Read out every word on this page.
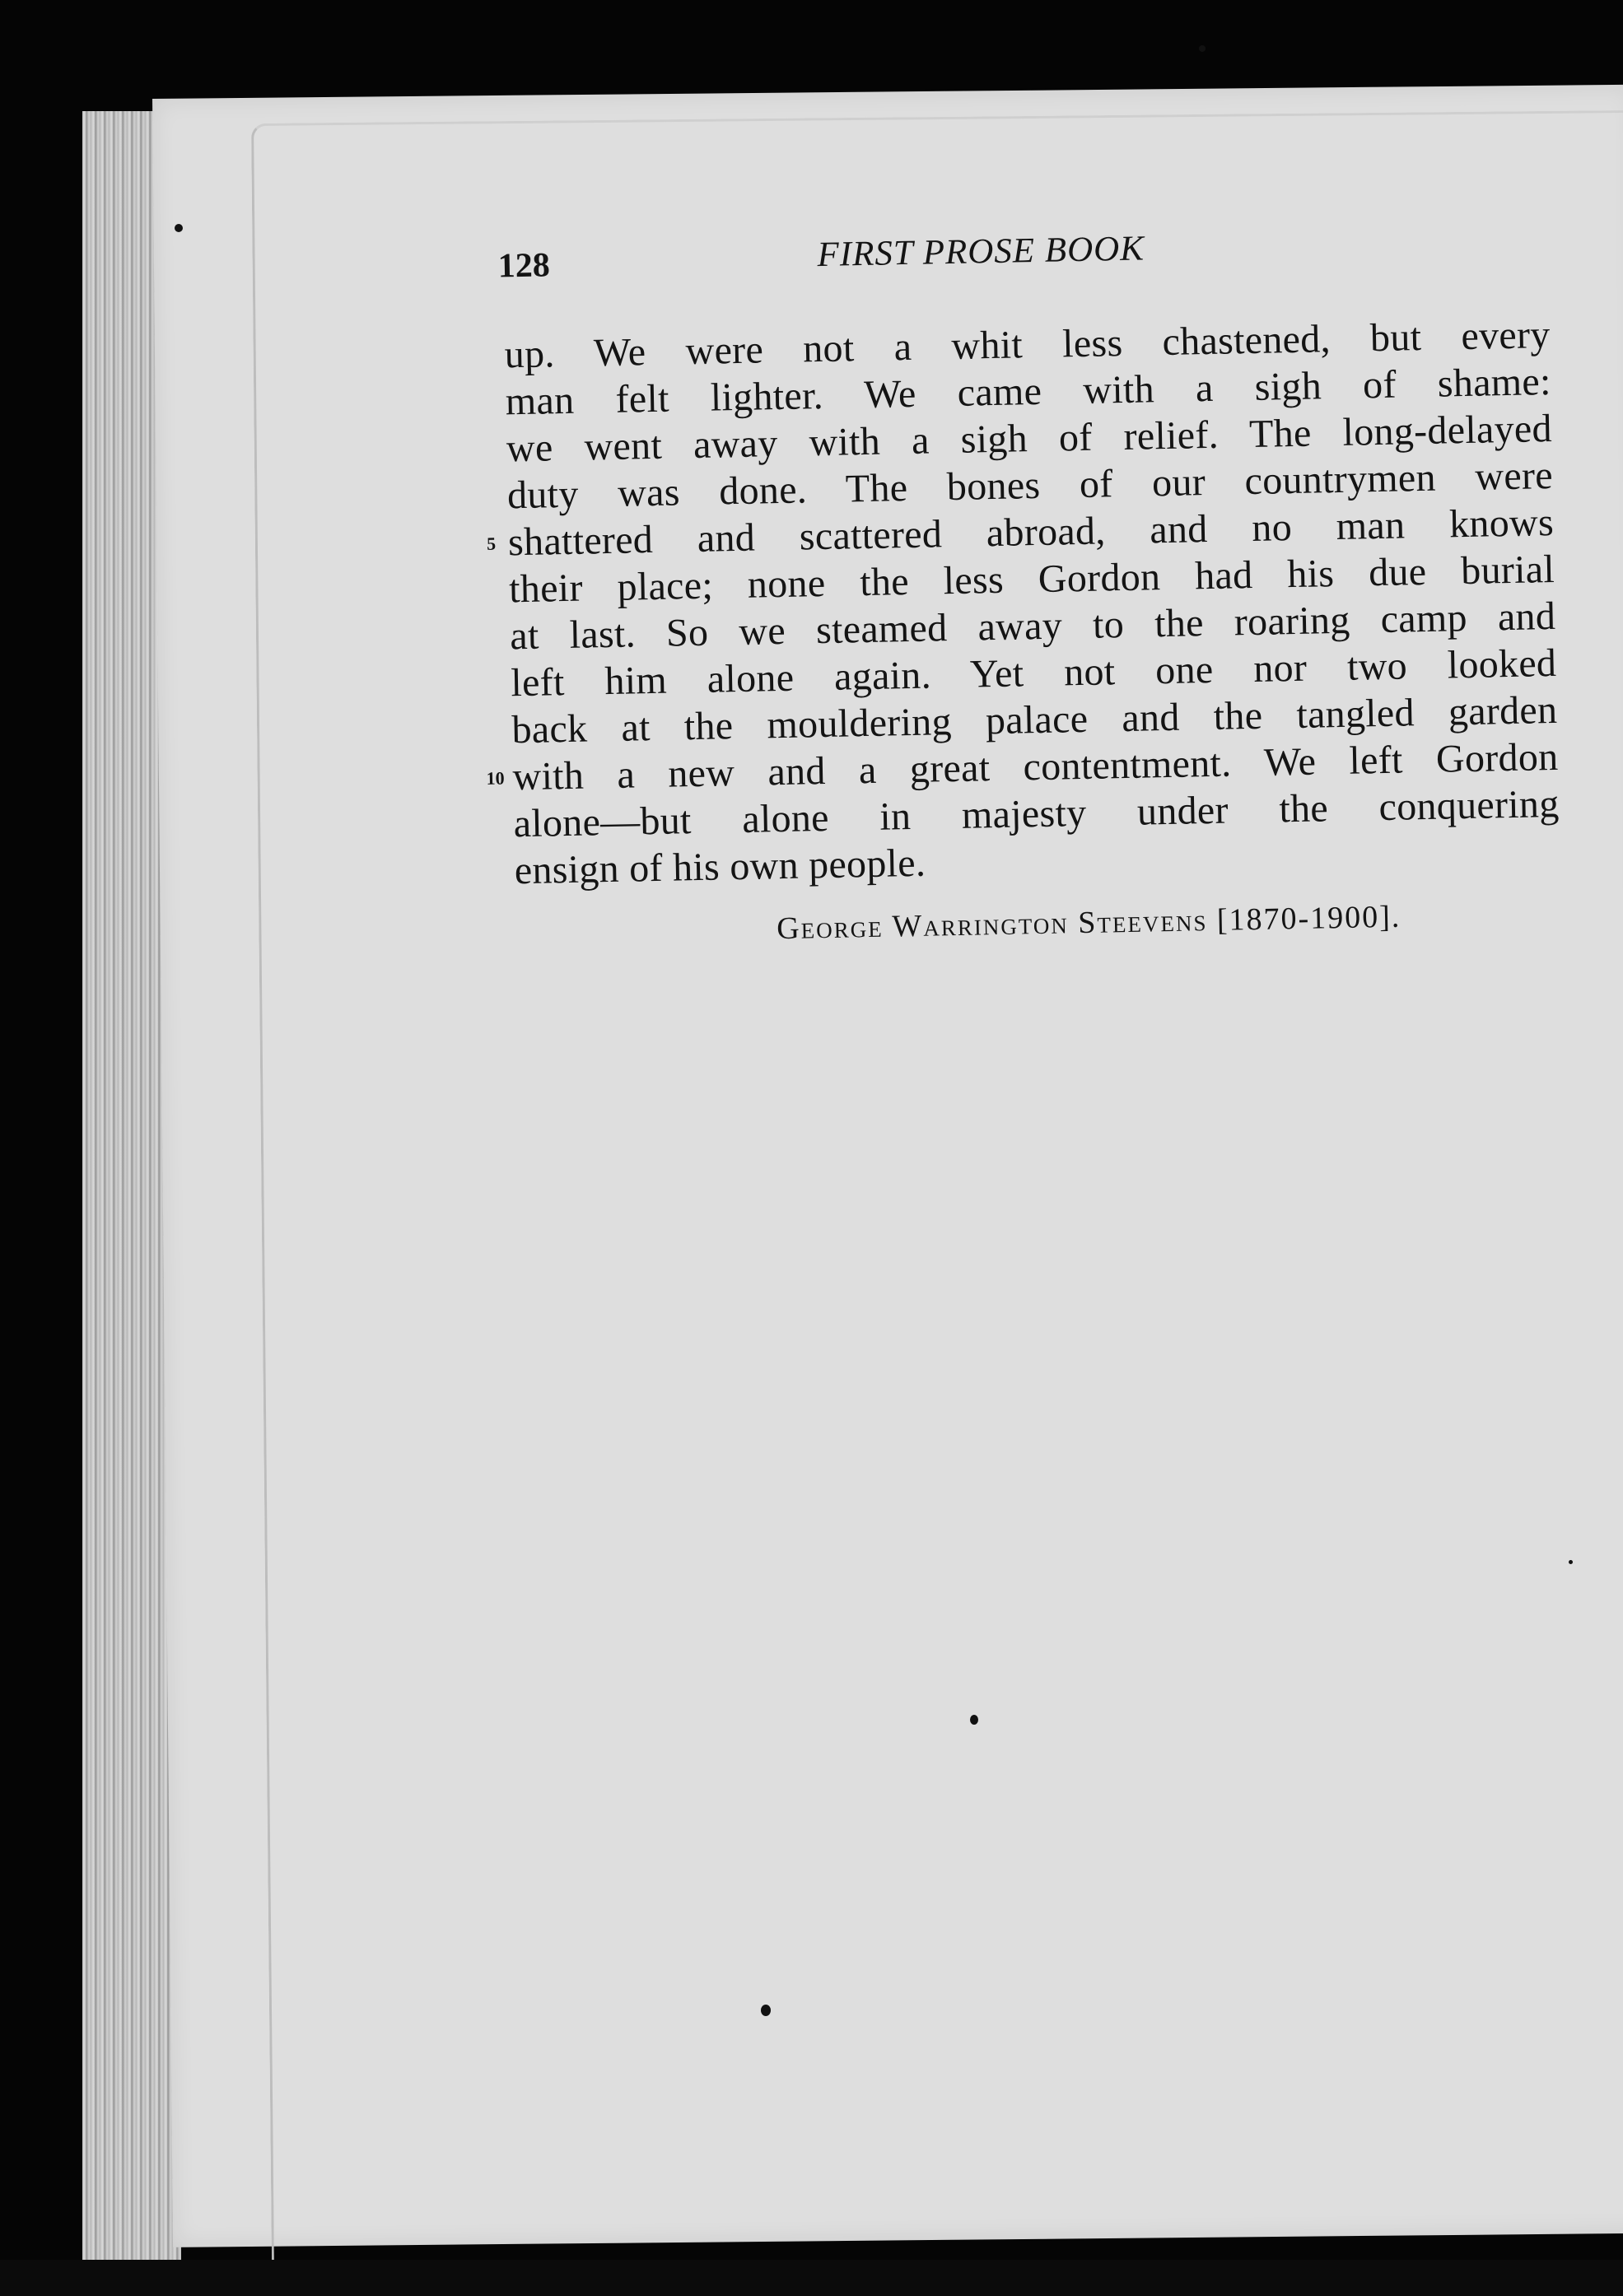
128	FIRST PROSE BOOK
up. We were not a whit less chastened, but every
man felt lighter. We came with a sigh of shame:
we went away with a sigh of relief. The long-delayed
duty was done. The bones of our countrymen were
5 shattered and scattered abroad, and no man knows
their place; none the less Gordon had his due burial
at last. So we steamed away to the roaring camp and
left him alone again. Yet not one nor two looked
back at the mouldering palace and the tangled garden
10 with a new and a great contentment. We left Gordon
alone—but alone in majesty under the conquering
ensign of his own people.
George Warrington Steevens [1870-1900].
